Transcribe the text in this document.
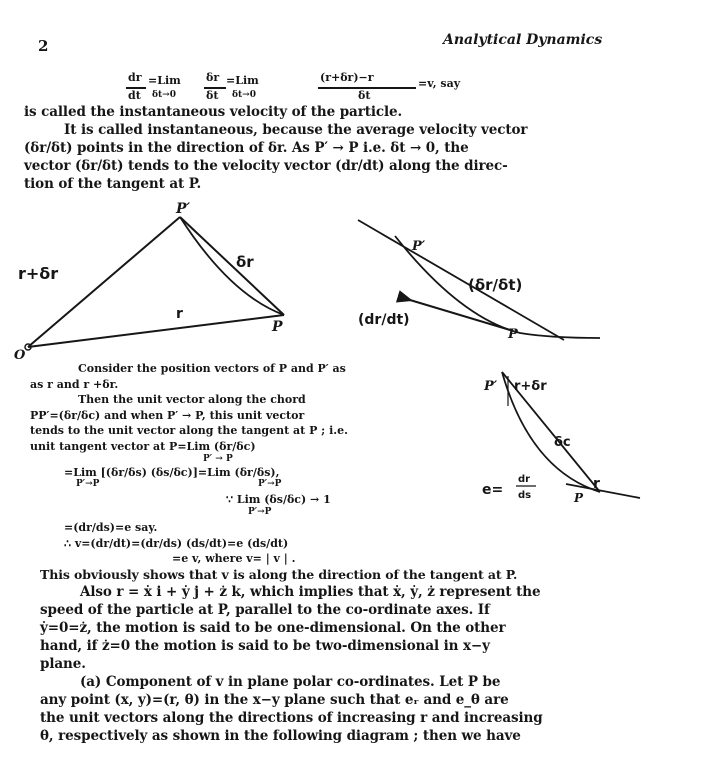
2	Analytical Dynamics
dr
dt
=Lim
δt→0
δr
δt
=Lim
δt→0
(r+δr)−r
δt
=v, say
is called the instantaneous velocity of the particle.
It is called instantaneous, because the average velocity vector
(δr/δt) points in the direction of δr. As P′ → P i.e. δt → 0, the
vector (δr/δt) tends to the velocity vector (dr/dt) along the direc-
tion of the tangent at P.
P′
r+δr
δr
r
P
O
P′
(δr/δt)
(dr/dt)
P
Consider the position vectors of P and P′ as
as r and r +δr.
Then the unit vector along the chord
PP′=(δr/δc) and when P′ → P, this unit vector
tends to the unit vector along the tangent at P ; i.e.
unit tangent vector at P=Lim (δr/δc)
P′ → P
=Lim [(δr/δs) (δs/δc)]=Lim (δr/δs),
P′→P	P′→P
∵ Lim (δs/δc) → 1
P′→P
=(dr/ds)=e say.
∴ v=(dr/dt)=(dr/ds) (ds/dt)=e (ds/dt)
=e v, where v= | v | .
P′ r+δr
δc
e=
dr
ds
r
P
This obviously shows that v is along the direction of the tangent at P.
Also r = ẋ i + ẏ j + ż k, which implies that ẋ, ẏ, ż represent the
speed of the particle at P, parallel to the co-ordinate axes. If
ẏ=0=ż, the motion is said to be one-dimensional. On the other
hand, if ż=0 the motion is said to be two-dimensional in x−y
plane.
(a) Component of v in plane polar co-ordinates. Let P be
any point (x, y)=(r, θ) in the x−y plane such that eᵣ and e_θ are
the unit vectors along the directions of increasing r and increasing
θ, respectively as shown in the following diagram ; then we have
